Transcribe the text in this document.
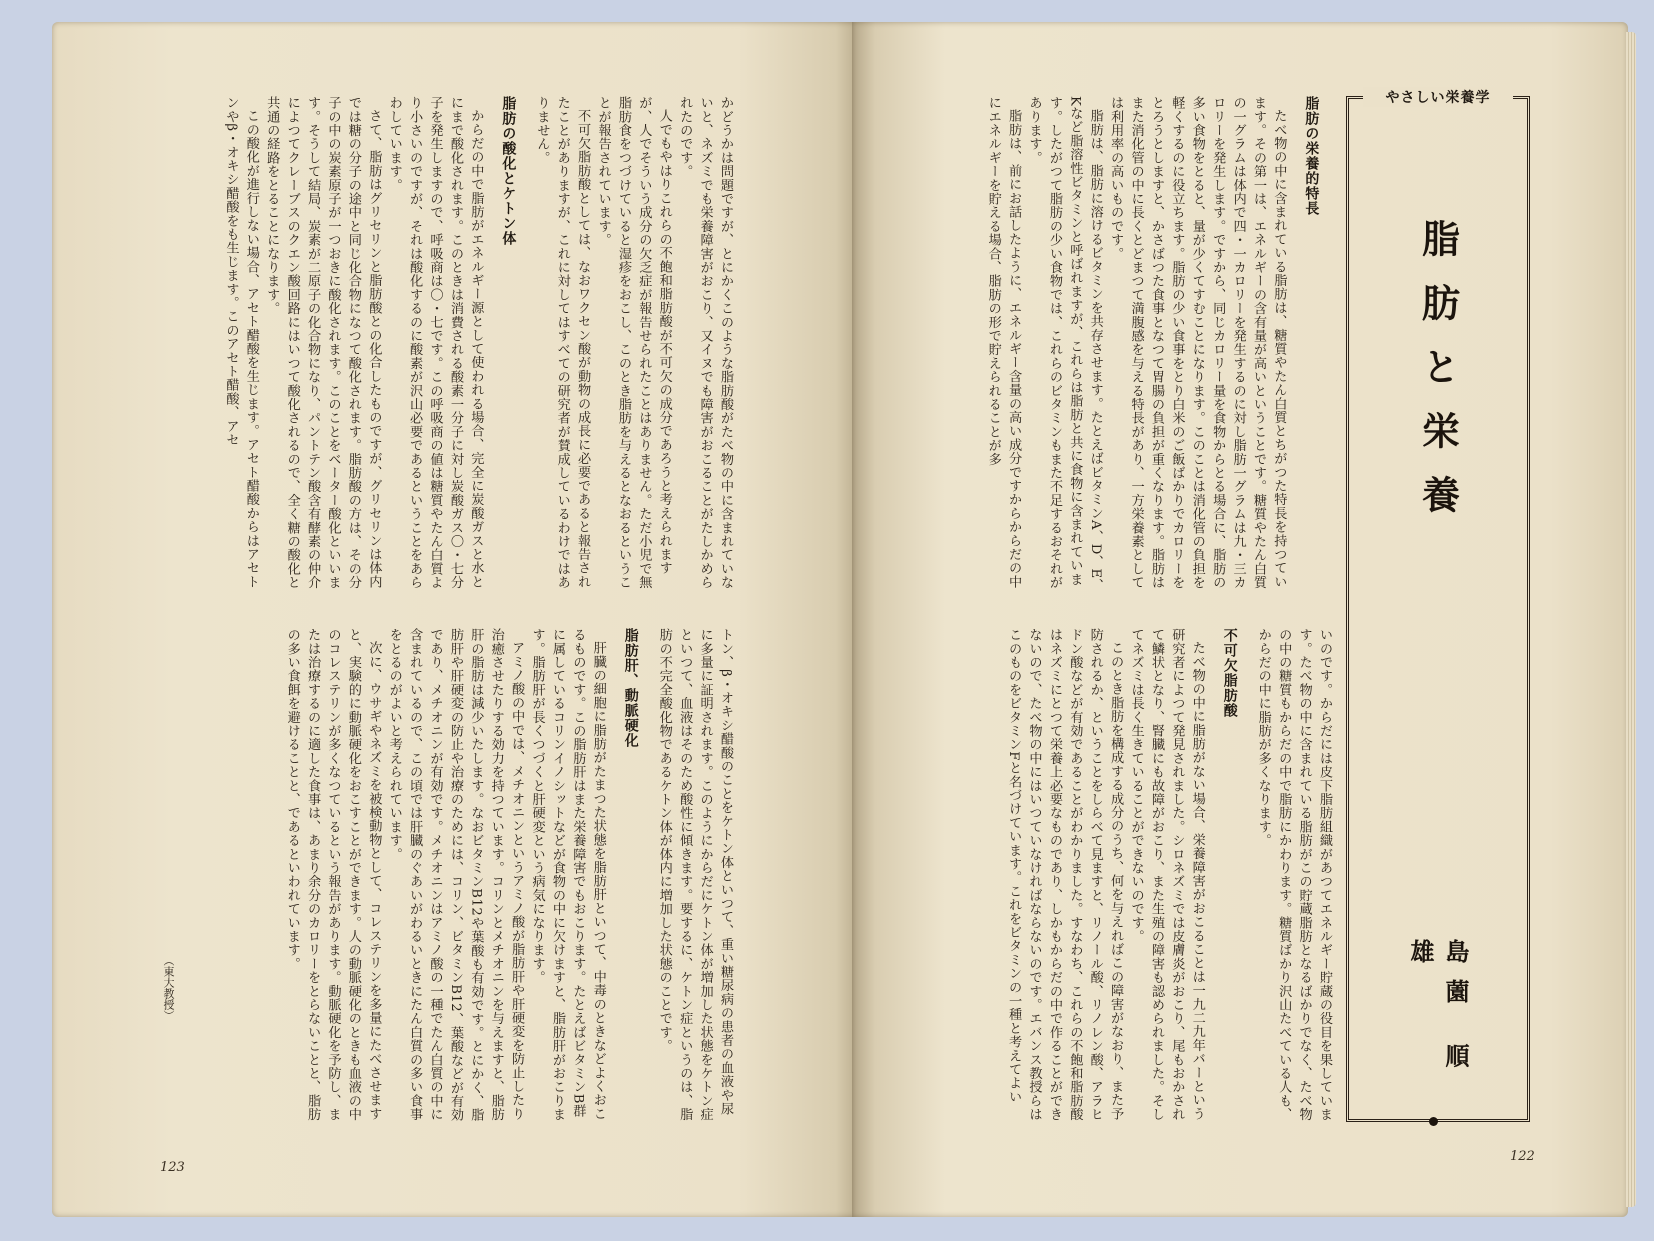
やさしい栄養学
脂肪と栄養
島薗 順雄
脂肪の栄養的特長

たべ物の中に含まれている脂肪は、糖質やたん白質とちがつた特長を持つています。その第一は、エネルギーの含有量が高いということです。糖質やたん白質の一グラムは体内で四・一カロリーを発生するのに対し脂肪一グラムは九・三カロリーを発生します。ですから、同じカロリー量を食物からとる場合に、脂肪の多い食物をとると、量が少くてすむことになります。このことは消化管の負担を軽くするのに役立ちます。脂肪の少い食事をとり白米のご飯ばかりでカロリーをとろうとしますと、かさばつた食事となつて胃腸の負担が重くなります。脂肪はまた消化管の中に長くとどまつて満腹感を与える特長があり、一方栄養素としては利用率の高いものです。

脂肪は、脂肪に溶けるビタミンを共存させます。たとえばビタミンA、D、E、Kなど脂溶性ビタミンと呼ばれますが、これらは脂肪と共に食物に含まれています。したがつて脂肪の少い食物では、これらのビタミンもまた不足するおそれがあります。

脂肪は、前にお話したように、エネルギー含量の高い成分ですからからだの中にエネルギーを貯える場合、脂肪の形で貯えられることが多

いのです。からだには皮下脂肪組織があつてエネルギー貯蔵の役目を果しています。たべ物の中に含まれている脂肪がこの貯蔵脂肪となるばかりでなく、たべ物の中の糖質もからだの中で脂肪にかわります。糖質ばかり沢山たべている人も、からだの中に脂肪が多くなります。

不可欠脂肪酸

たべ物の中に脂肪がない場合、栄養障害がおこることは一九二九年バーという研究者によつて発見されました。シロネズミでは皮膚炎がおこり、尾もおかされて鱗状となり、腎臓にも故障がおこり、また生殖の障害も認められました。そしてネズミは長く生きていることができないのです。

このとき脂肪を構成する成分のうち、何を与えればこの障害がなおり、また予防されるか、ということをしらべて見ますと、リノール酸、リノレン酸、アラヒドン酸などが有効であることがわかりました。すなわち、これらの不飽和脂肪酸はネズミにとつて栄養上必要なものであり、しかもからだの中で作ることができないので、たべ物の中にはいつていなければならないのです。エバンス教授らはこのものをビタミンFと名づけています。これをビタミンの一種と考えてよい

122

かどうかは問題ですが、とにかくこのような脂肪酸がたべ物の中に含まれていないと、ネズミでも栄養障害がおこり、又イヌでも障害がおこることがたしかめられたのです。

人でもやはりこれらの不飽和脂肪酸が不可欠の成分であろうと考えられますが、人でそういう成分の欠乏症が報告せられたことはありません。ただ小児で無脂肪食をつづけていると湿疹をおこし、このとき脂肪を与えるとなおるということが報告されています。

不可欠脂肪酸としては、なおワクセン酸が動物の成長に必要であると報告されたことがありますが、これに対してはすべての研究者が賛成しているわけではありません。

脂肪の酸化とケトン体

からだの中で脂肪がエネルギー源として使われる場合、完全に炭酸ガスと水とにまで酸化されます。このときは消費される酸素一分子に対し炭酸ガス〇・七分子を発生しますので、呼吸商は〇・七です。この呼吸商の値は糖質やたん白質より小さいのですが、それは酸化するのに酸素が沢山必要であるということをあらわしています。

さて、脂肪はグリセリンと脂肪酸との化合したものですが、グリセリンは体内では糖の分子の途中と同じ化合物になつて酸化されます。脂肪酸の方は、その分子の中の炭素原子が一つおきに酸化されます。このことをベーター酸化といいます。そうして結局、炭素が二原子の化合物になり、パントテン酸含有酵素の仲介によつてクレーブスのクエン酸回路にはいつて酸化されるので、全く糖の酸化と共通の経路をとることになります。

この酸化が進行しない場合、アセト醋酸を生じます。アセト醋酸からはアセトンやβ・オキシ醋酸をも生じます。このアセト醋酸、アセ

トン、β・オキシ醋酸のことをケトン体といつて、重い糖尿病の患者の血液や尿に多量に証明されます。このようにからだにケトン体が増加した状態をケトン症といつて、血液はそのため酸性に傾きます。要するに、ケトン症というのは、脂肪の不完全酸化物であるケトン体が体内に増加した状態のことです。

脂肪肝、動脈硬化

肝臓の細胞に脂肪がたまつた状態を脂肪肝といつて、中毒のときなどよくおこるものです。この脂肪肝はまた栄養障害でもおこります。たとえばビタミンB群に属しているコリンイノシットなどが食物の中に欠けますと、脂肪肝がおこります。脂肪肝が長くつづくと肝硬変という病気になります。

アミノ酸の中では、メチオニンというアミノ酸が脂肪肝や肝硬変を防止したり治癒させたりする効力を持つています。コリンとメチオニンを与えますと、脂肪肝の脂肪は減少いたします。なおビタミンB12や葉酸も有効です。とにかく、脂肪肝や肝硬変の防止や治療のためには、コリン、ビタミンB12、葉酸などが有効であり、メチオニンが有効です。メチオニンはアミノ酸の一種でたん白質の中に含まれているので、この頃では肝臓のぐあいがわるいときにたん白質の多い食事をとるのがよいと考えられています。

次に、ウサギやネズミを被検動物として、コレステリンを多量にたべさせますと、実験的に動脈硬化をおこすことができます。人の動脈硬化のときも血液の中のコレステリンが多くなつているという報告があります。動脈硬化を予防し、または治療するのに適した食事は、あまり余分のカロリーをとらないことと、脂肪の多い食餌を避けることと、であるといわれています。

（東大教授）
123
